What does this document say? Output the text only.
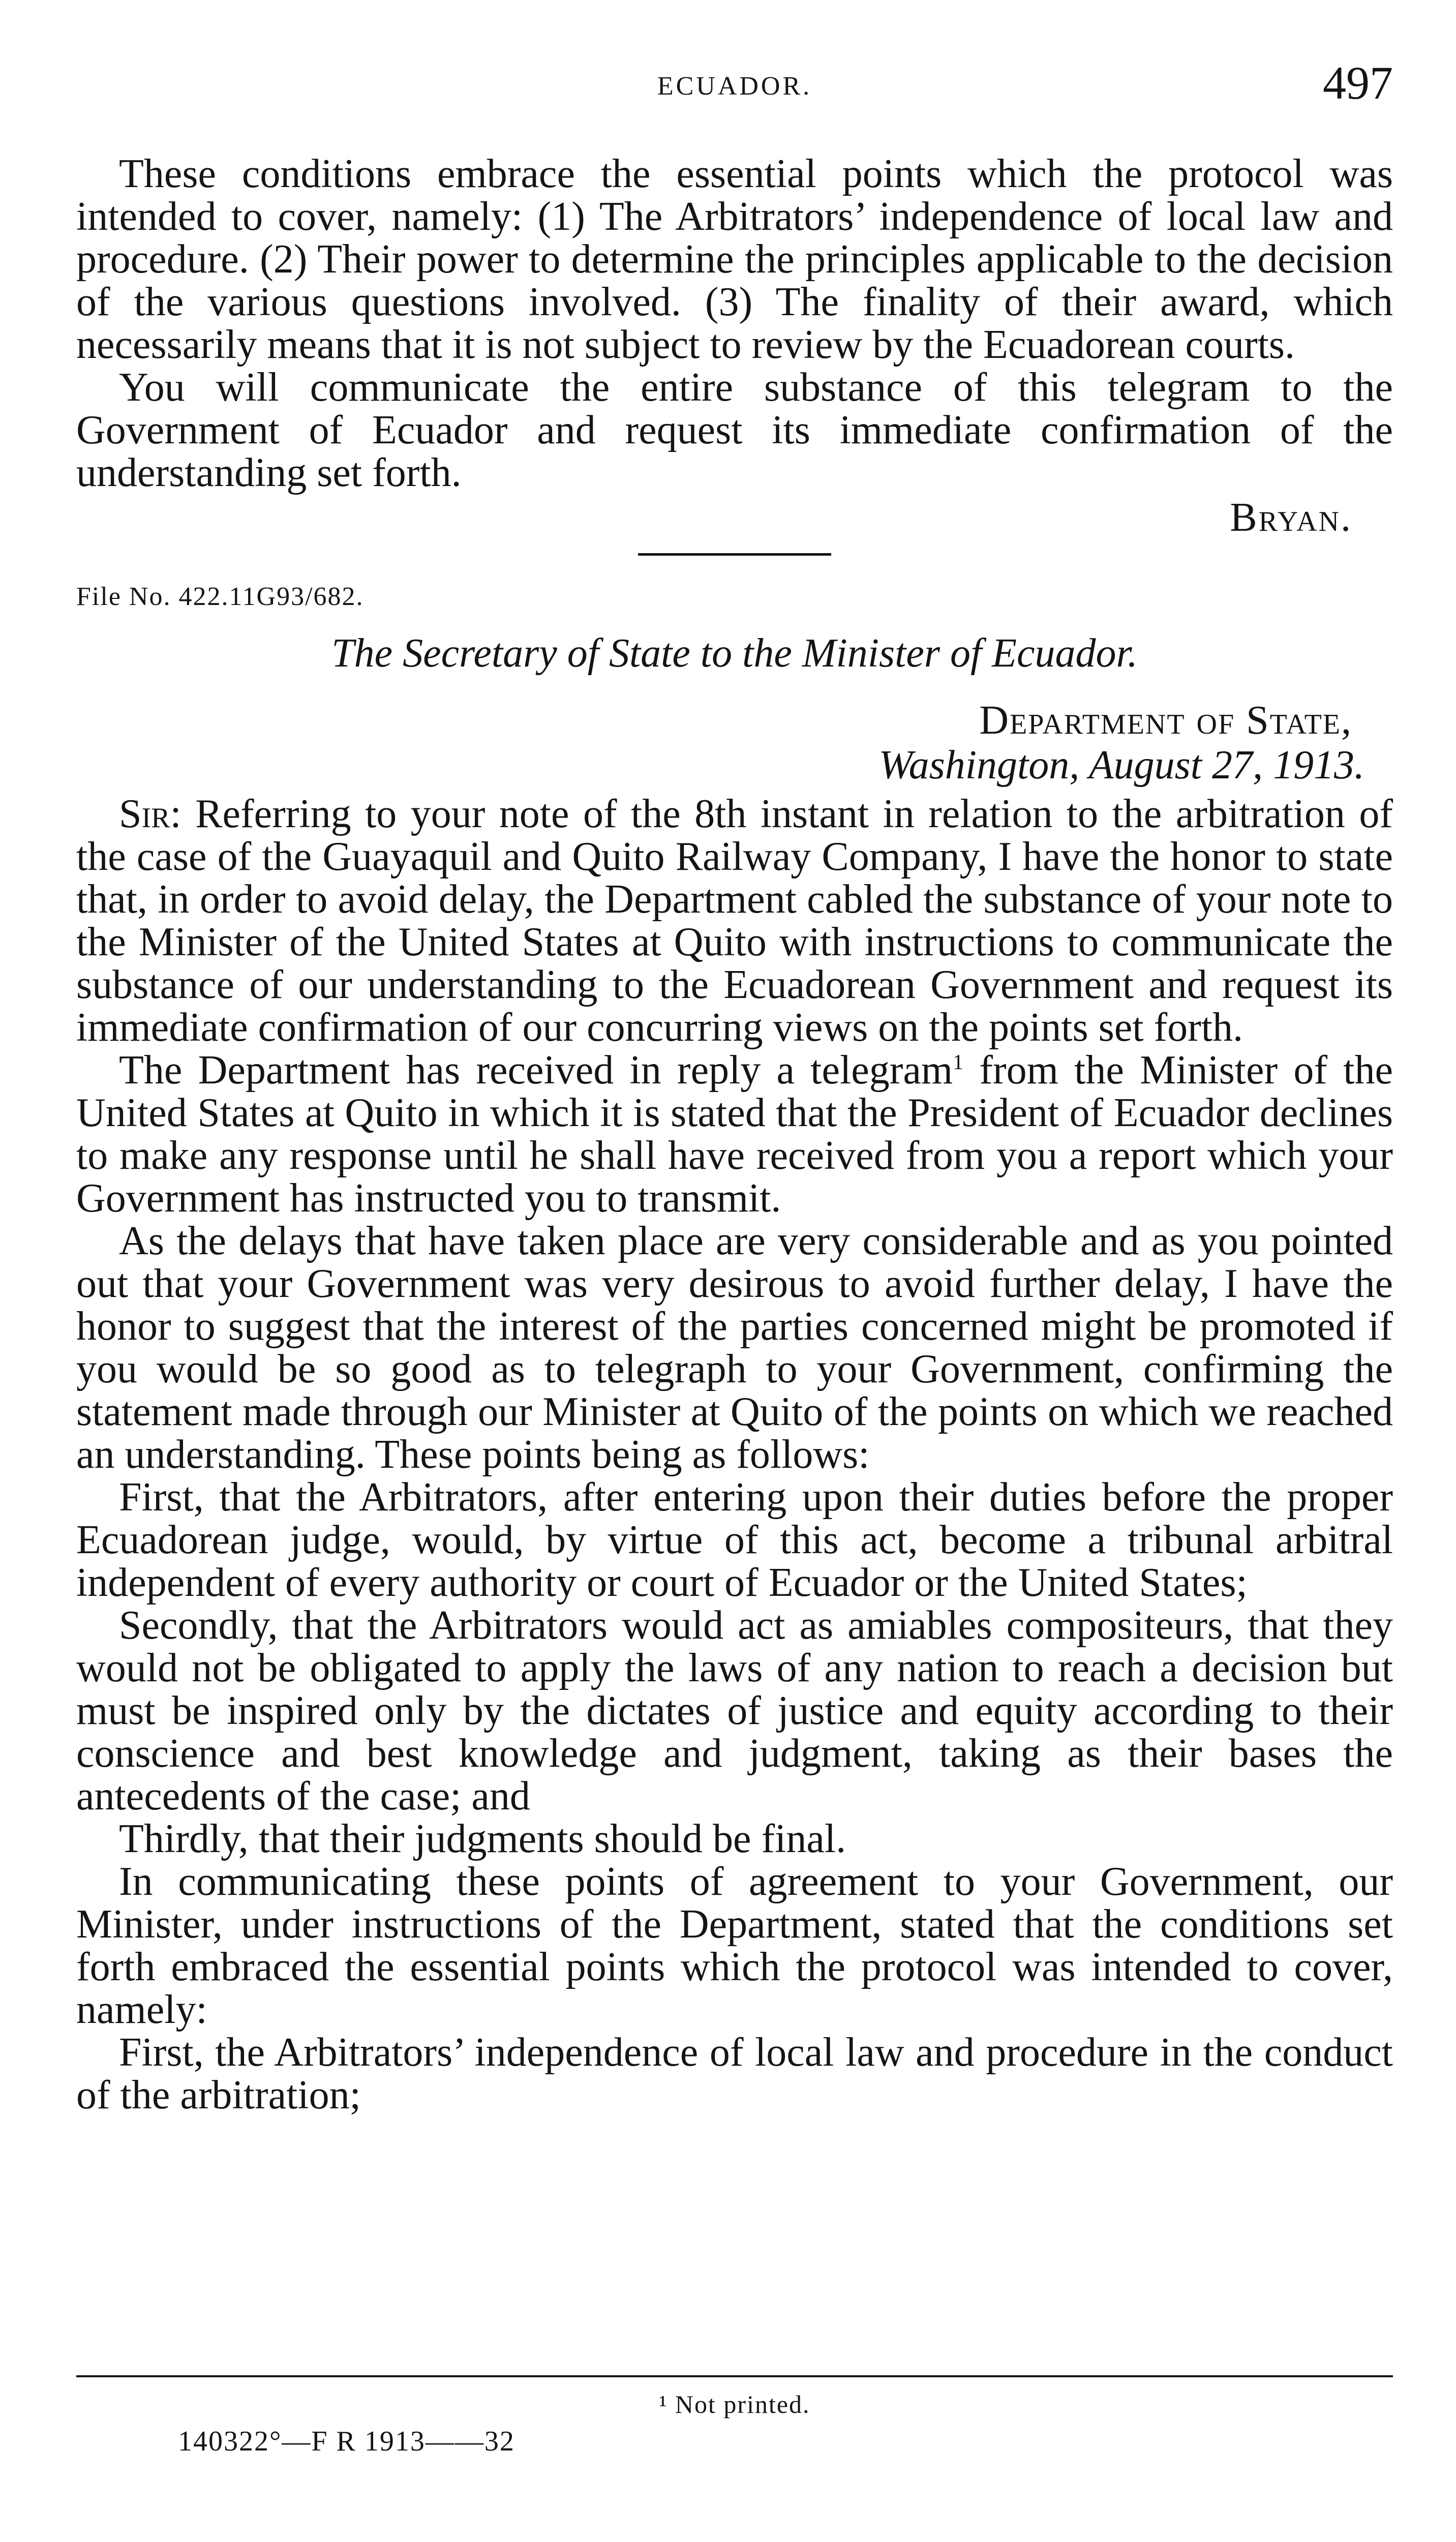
ECUADOR.	497

These conditions embrace the essential points which the protocol was intended to cover, namely: (1) The Arbitrators’ independence of local law and procedure. (2) Their power to determine the principles applicable to the decision of the various questions involved. (3) The finality of their award, which necessarily means that it is not subject to review by the Ecuadorean courts.

You will communicate the entire substance of this telegram to the Government of Ecuador and request its immediate confirmation of the understanding set forth.

Bryan.
File No. 422.11G93/682.
The Secretary of State to the Minister of Ecuador.
Department of State,
Washington, August 27, 1913.

Sir: Referring to your note of the 8th instant in relation to the arbitration of the case of the Guayaquil and Quito Railway Company, I have the honor to state that, in order to avoid delay, the Department cabled the substance of your note to the Minister of the United States at Quito with instructions to communicate the substance of our understanding to the Ecuadorean Government and request its immediate confirmation of our concurring views on the points set forth.

The Department has received in reply a telegram$^1$ from the Minister of the United States at Quito in which it is stated that the President of Ecuador declines to make any response until he shall have received from you a report which your Government has instructed you to transmit.

As the delays that have taken place are very considerable and as you pointed out that your Government was very desirous to avoid further delay, I have the honor to suggest that the interest of the parties concerned might be promoted if you would be so good as to telegraph to your Government, confirming the statement made through our Minister at Quito of the points on which we reached an understanding. These points being as follows:

First, that the Arbitrators, after entering upon their duties before the proper Ecuadorean judge, would, by virtue of this act, become a tribunal arbitral independent of every authority or court of Ecuador or the United States;

Secondly, that the Arbitrators would act as amiables compositeurs, that they would not be obligated to apply the laws of any nation to reach a decision but must be inspired only by the dictates of justice and equity according to their conscience and best knowledge and judgment, taking as their bases the antecedents of the case; and

Thirdly, that their judgments should be final.

In communicating these points of agreement to your Government, our Minister, under instructions of the Department, stated that the conditions set forth embraced the essential points which the protocol was intended to cover, namely:

First, the Arbitrators’ independence of local law and procedure in the conduct of the arbitration;

¹ Not printed.
140322°—F R 1913——32
